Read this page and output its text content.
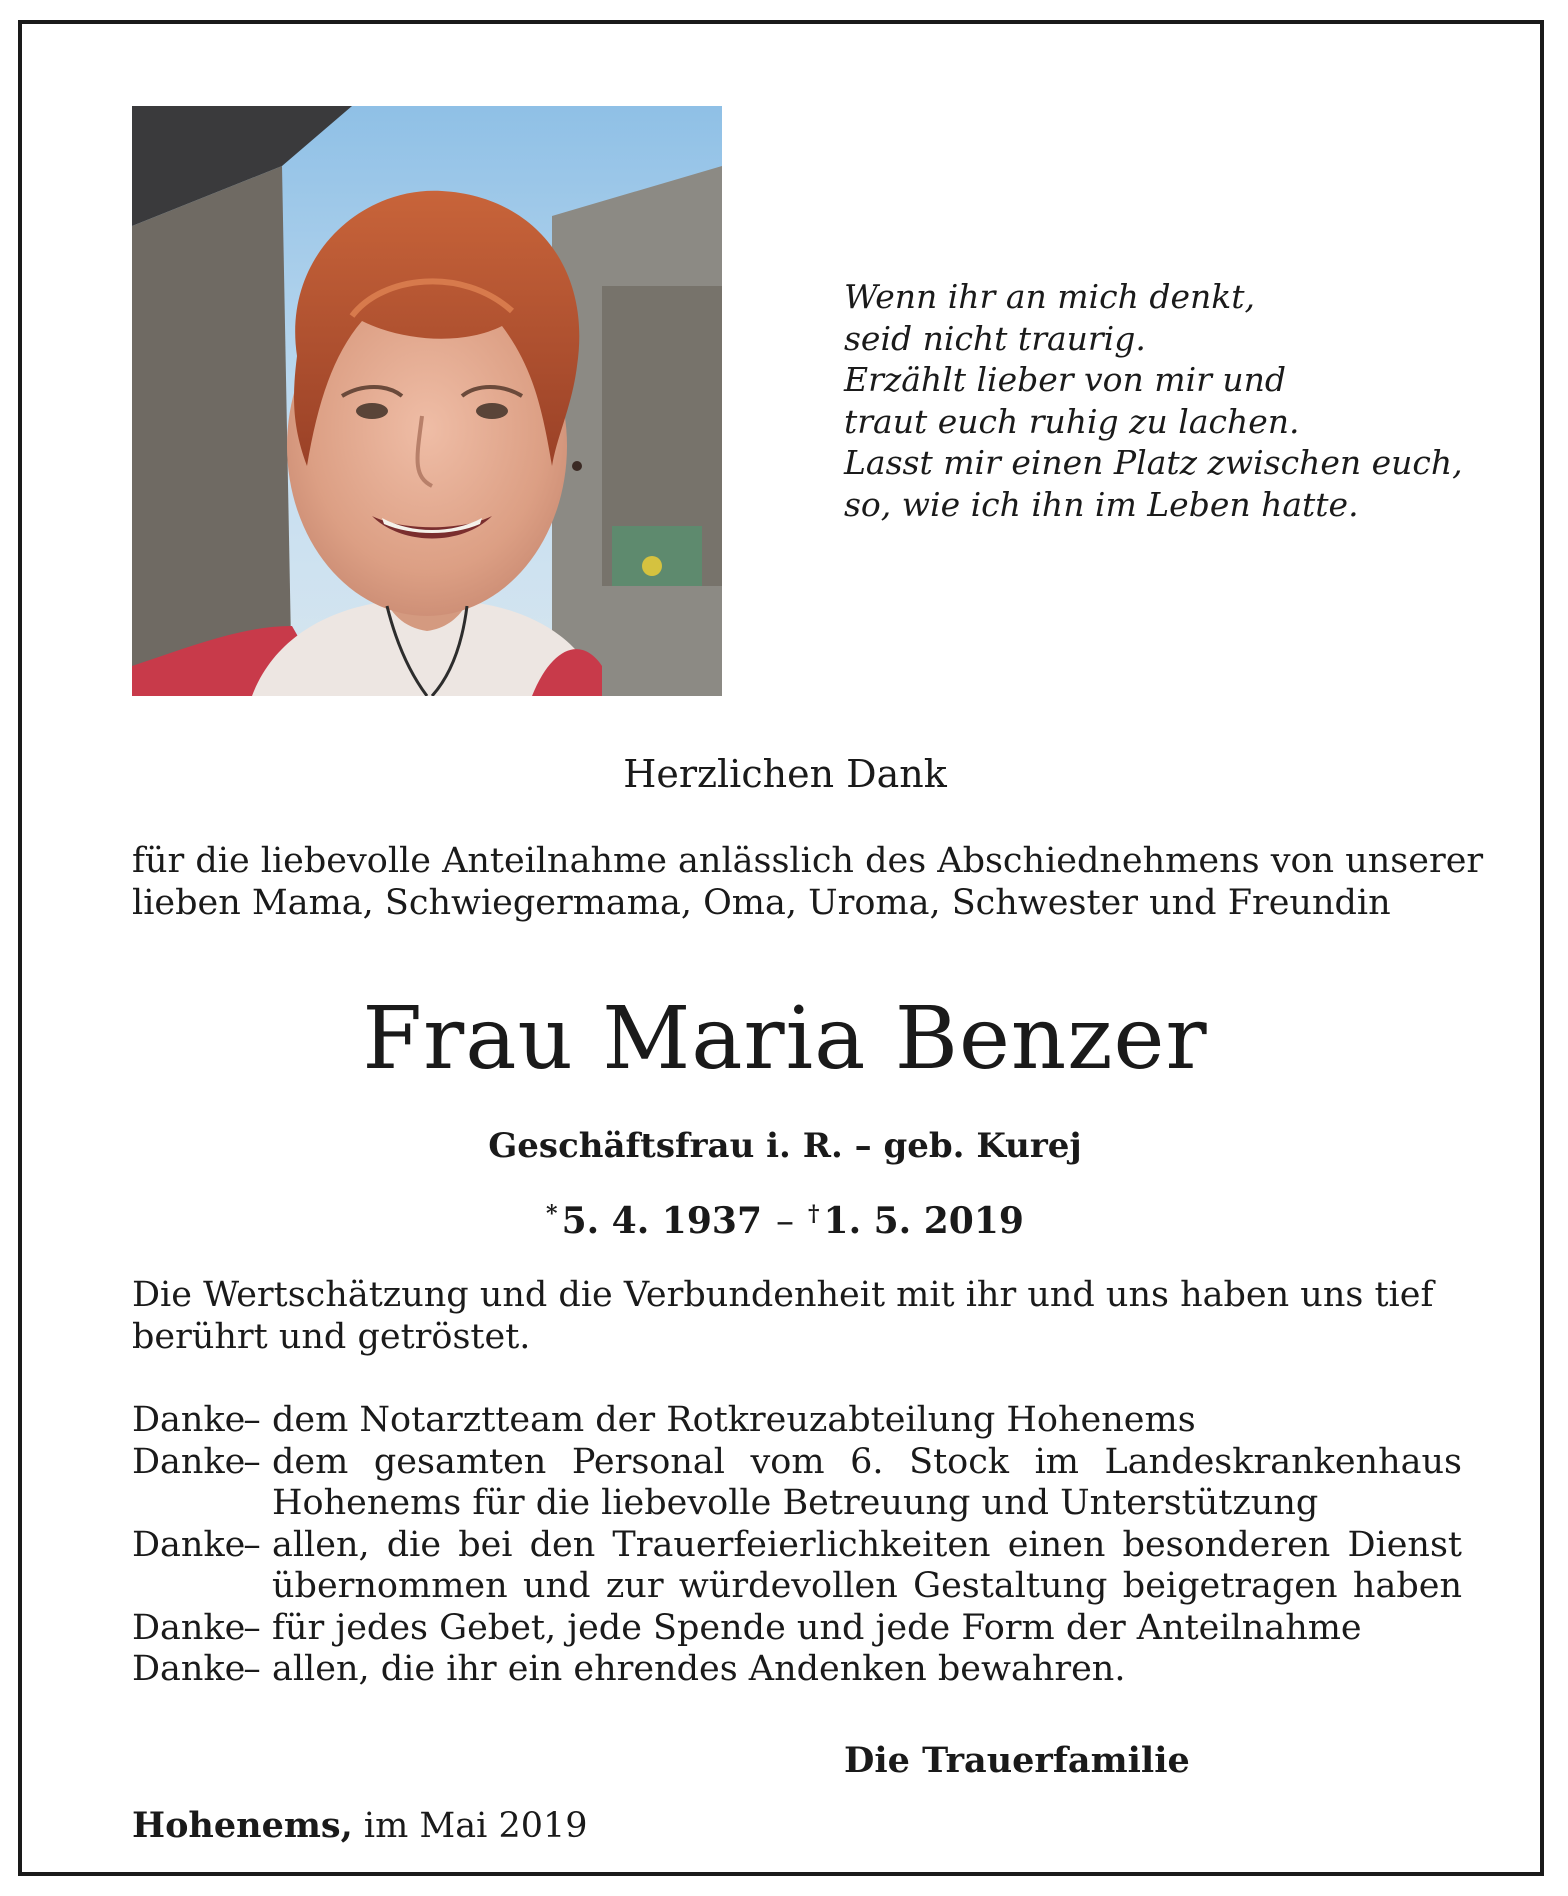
Wenn ihr an mich denkt,
seid nicht traurig.
Erzählt lieber von mir und
traut euch ruhig zu lachen.
Lasst mir einen Platz zwischen euch,
so, wie ich ihn im Leben hatte.
Herzlichen Dank
für die liebevolle Anteilnahme anlässlich des Abschiednehmens von unserer
lieben Mama, Schwiegermama, Oma, Uroma, Schwester und Freundin
Frau Maria Benzer
Geschäftsfrau i. R. – geb. Kurej
* 5. 4. 1937 – † 1. 5. 2019
Die Wertschätzung und die Verbundenheit mit ihr und uns haben uns tief
berührt und getröstet.
Danke
– dem Notarztteam der Rotkreuzabteilung Hohenems
Danke
– dem gesamten Personal vom 6. Stock im Landeskrankenhaus
Hohenems für die liebevolle Betreuung und Unterstützung
Danke
– allen, die bei den Trauerfeierlichkeiten einen besonderen Dienst
übernommen und zur würdevollen Gestaltung beigetragen haben
Danke
– für jedes Gebet, jede Spende und jede Form der Anteilnahme
Danke
– allen, die ihr ein ehrendes Andenken bewahren.
Die Trauerfamilie
Hohenems, im Mai 2019
